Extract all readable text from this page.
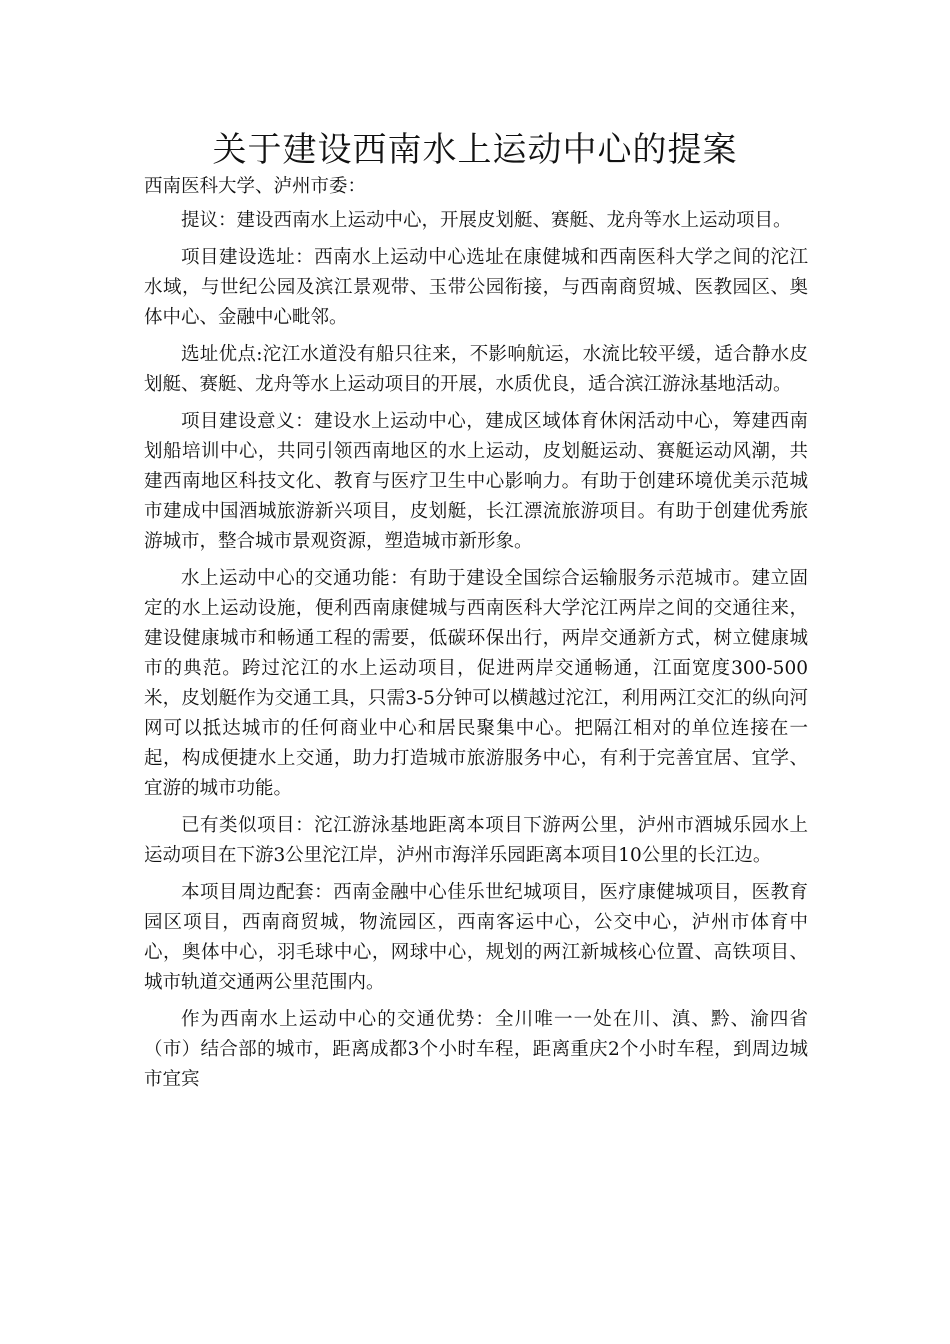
关于建设西南水上运动中心的提案

西南医科大学、泸州市委：

提议：建设西南水上运动中心，开展皮划艇、赛艇、龙舟等水上运动项目。

项目建设选址：西南水上运动中心选址在康健城和西南医科大学之间的沱江水域，与世纪公园及滨江景观带、玉带公园衔接，与西南商贸城、医教园区、奥体中心、金融中心毗邻。

选址优点:沱江水道没有船只往来，不影响航运，水流比较平缓，适合静水皮划艇、赛艇、龙舟等水上运动项目的开展，水质优良，适合滨江游泳基地活动。

项目建设意义：建设水上运动中心，建成区域体育休闲活动中心，筹建西南划船培训中心，共同引领西南地区的水上运动，皮划艇运动、赛艇运动风潮，共建西南地区科技文化、教育与医疗卫生中心影响力。有助于创建环境优美示范城市建成中国酒城旅游新兴项目，皮划艇，长江漂流旅游项目。有助于创建优秀旅游城市，整合城市景观资源，塑造城市新形象。

水上运动中心的交通功能：有助于建设全国综合运输服务示范城市。建立固定的水上运动设施，便利西南康健城与西南医科大学沱江两岸之间的交通往来，建设健康城市和畅通工程的需要，低碳环保出行，两岸交通新方式，树立健康城市的典范。跨过沱江的水上运动项目，促进两岸交通畅通，江面宽度300-500米，皮划艇作为交通工具，只需3-5分钟可以横越过沱江，利用两江交汇的纵向河网可以抵达城市的任何商业中心和居民聚集中心。把隔江相对的单位连接在一起，构成便捷水上交通，助力打造城市旅游服务中心，有利于完善宜居、宜学、宜游的城市功能。

已有类似项目：沱江游泳基地距离本项目下游两公里，泸州市酒城乐园水上运动项目在下游3公里沱江岸，泸州市海洋乐园距离本项目10公里的长江边。

本项目周边配套：西南金融中心佳乐世纪城项目，医疗康健城项目，医教育园区项目，西南商贸城，物流园区，西南客运中心，公交中心，泸州市体育中心，奥体中心，羽毛球中心，网球中心，规划的两江新城核心位置、高铁项目、城市轨道交通两公里范围内。

作为西南水上运动中心的交通优势：全川唯一一处在川、滇、黔、渝四省（市）结合部的城市，距离成都3个小时车程，距离重庆2个小时车程，到周边城市宜宾
